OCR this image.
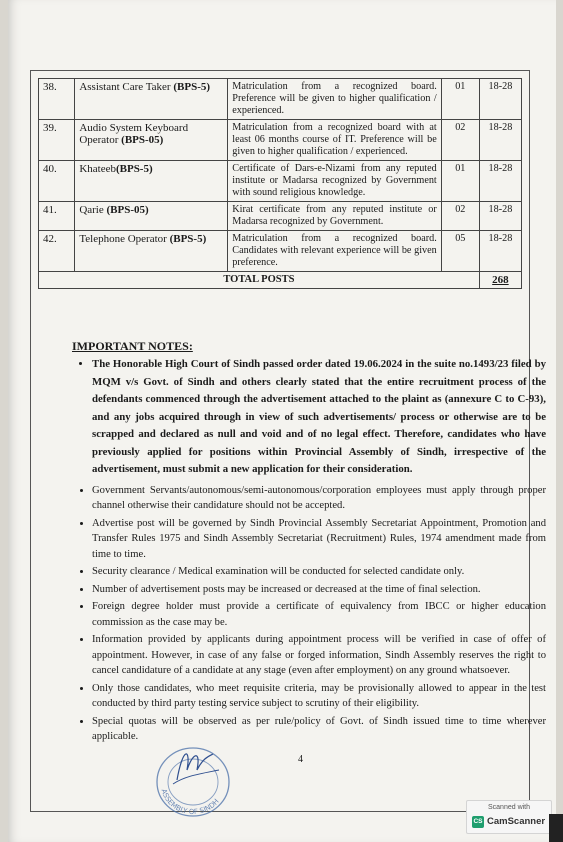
38.	Assistant Care Taker (BPS-5)	Matriculation from a recognized board. Preference will be given to higher qualification / experienced.	01	18-28
39.	Audio System Keyboard Operator (BPS-05)	Matriculation from a recognized board with at least 06 months course of IT. Preference will be given to higher qualification / experienced.	02	18-28
40.	Khateeb(BPS-5)	Certificate of Dars-e-Nizami from any reputed institute or Madarsa recognized by Government with sound religious knowledge.	01	18-28
41.	Qarie (BPS-05)	Kirat certificate from any reputed institute or Madarsa recognized by Government.	02	18-28
42.	Telephone Operator (BPS-5)	Matriculation from a recognized board. Candidates with relevant experience will be given preference.	05	18-28
TOTAL POSTS				268

IMPORTANT NOTES:

• The Honorable High Court of Sindh passed order dated 19.06.2024 in the suite no.1493/23 filed by MQM v/s Govt. of Sindh and others clearly stated that the entire recruitment process of the defendants commenced through the advertisement attached to the plaint as (annexure C to C-93), and any jobs acquired through in view of such advertisements/ process or otherwise are to be scrapped and declared as null and void and of no legal effect. Therefore, candidates who have previously applied for positions within Provincial Assembly of Sindh, irrespective of the advertisement, must submit a new application for their consideration.
• Government Servants/autonomous/semi-autonomous/corporation employees must apply through proper channel otherwise their candidature should not be accepted.
• Advertise post will be governed by Sindh Provincial Assembly Secretariat Appointment, Promotion and Transfer Rules 1975 and Sindh Assembly Secretariat (Recruitment) Rules, 1974 amendment made from time to time.
• Security clearance / Medical examination will be conducted for selected candidate only.
• Number of advertisement posts may be increased or decreased at the time of final selection.
• Foreign degree holder must provide a certificate of equivalency from IBCC or higher education commission as the case may be.
• Information provided by applicants during appointment process will be verified in case of offer of appointment. However, in case of any false or forged information, Sindh Assembly reserves the right to cancel candidature of a candidate at any stage (even after employment) on any ground whatsoever.
• Only those candidates, who meet requisite criteria, may be provisionally allowed to appear in the test conducted by third party testing service subject to scrutiny of their eligibility.
• Special quotas will be observed as per rule/policy of Govt. of Sindh issued time to time wherever applicable.
4
ASSEMBLY OF SINDH
Scanned with
CS CamScanner
